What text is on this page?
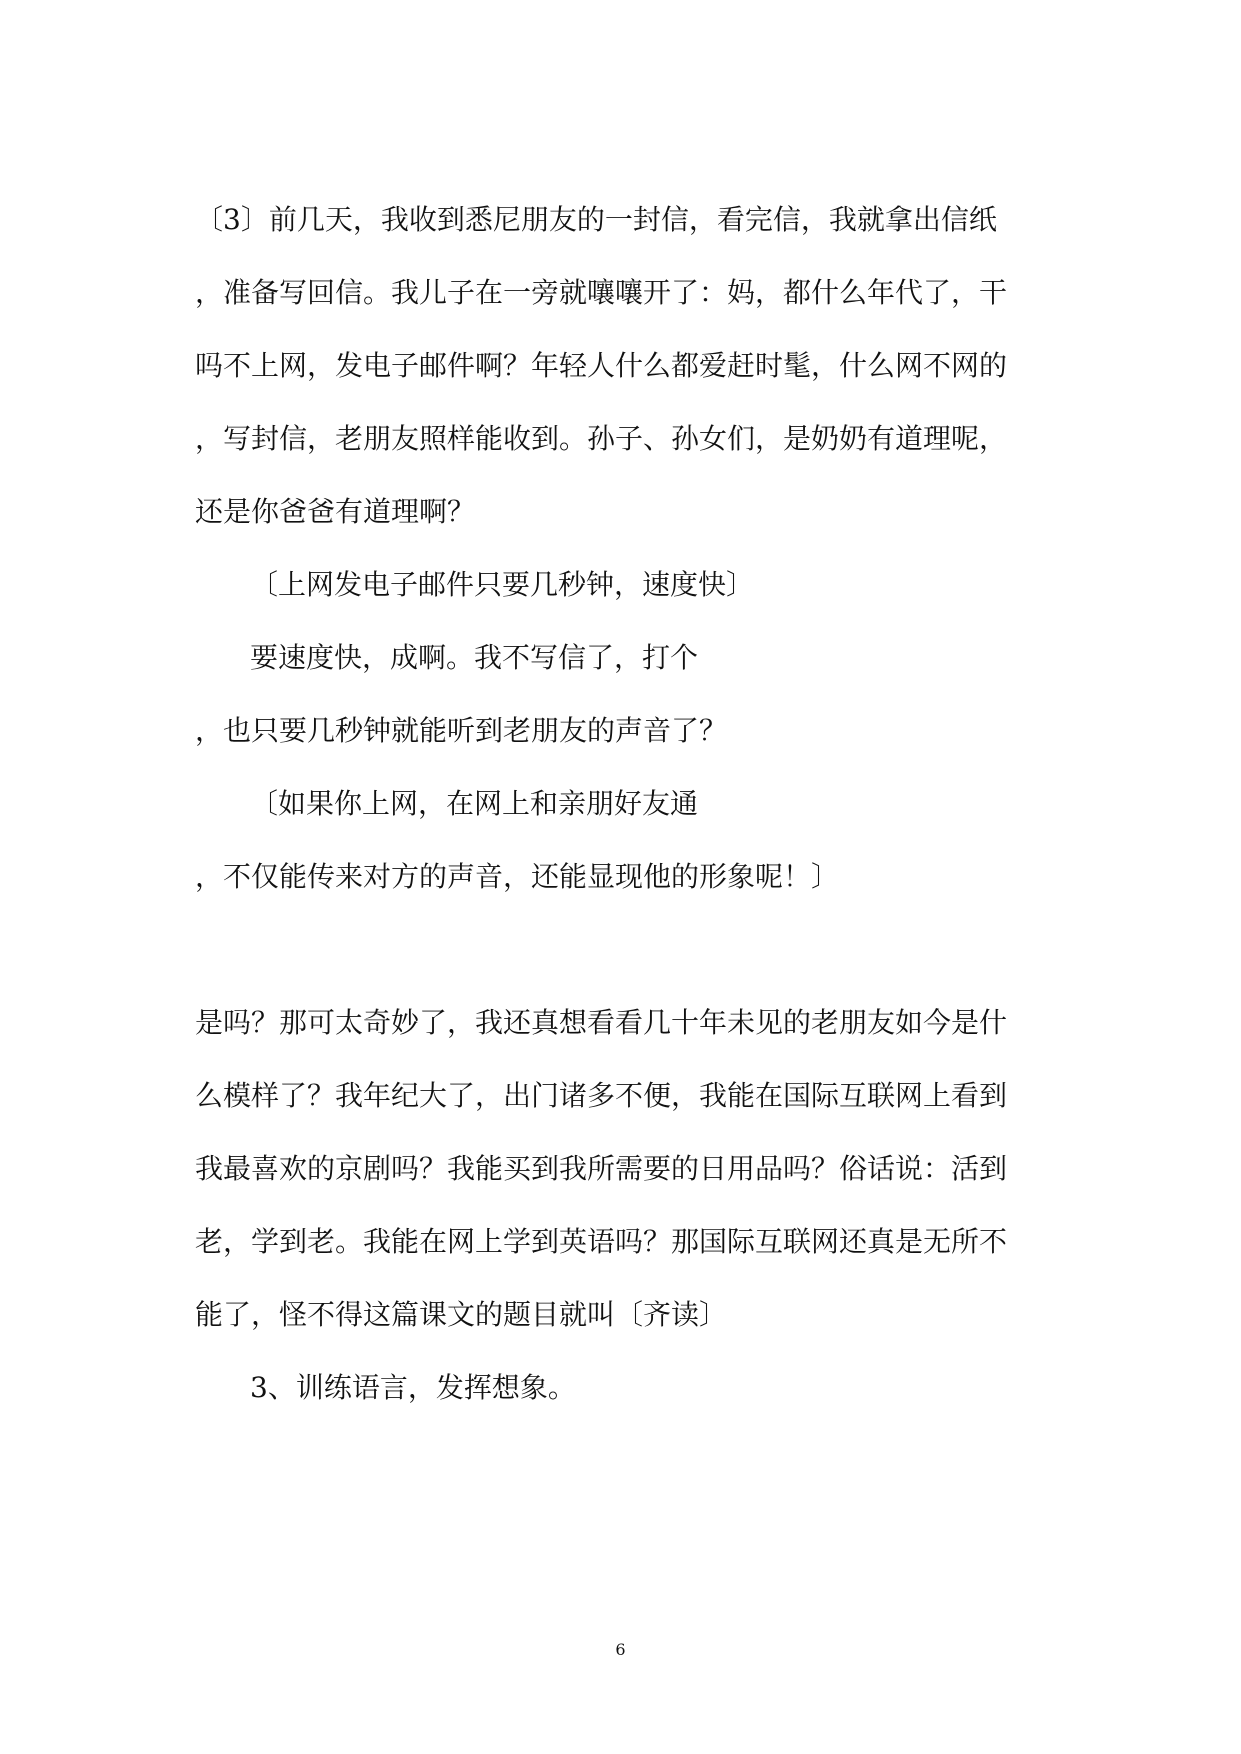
〔3〕前几天，我收到悉尼朋友的一封信，看完信，我就拿出信纸
，准备写回信。我儿子在一旁就嚷嚷开了：妈，都什么年代了，干
吗不上网，发电子邮件啊？年轻人什么都爱赶时髦，什么网不网的
，写封信，老朋友照样能收到。孙子、孙女们，是奶奶有道理呢，
还是你爸爸有道理啊？
〔上网发电子邮件只要几秒钟，速度快〕
要速度快，成啊。我不写信了，打个
，也只要几秒钟就能听到老朋友的声音了？
〔如果你上网，在网上和亲朋好友通
，不仅能传来对方的声音，还能显现他的形象呢！〕
是吗？那可太奇妙了，我还真想看看几十年未见的老朋友如今是什
么模样了？我年纪大了，出门诸多不便，我能在国际互联网上看到
我最喜欢的京剧吗？我能买到我所需要的日用品吗？俗话说：活到
老，学到老。我能在网上学到英语吗？那国际互联网还真是无所不
能了，怪不得这篇课文的题目就叫〔齐读〕
3、训练语言，发挥想象。
6
